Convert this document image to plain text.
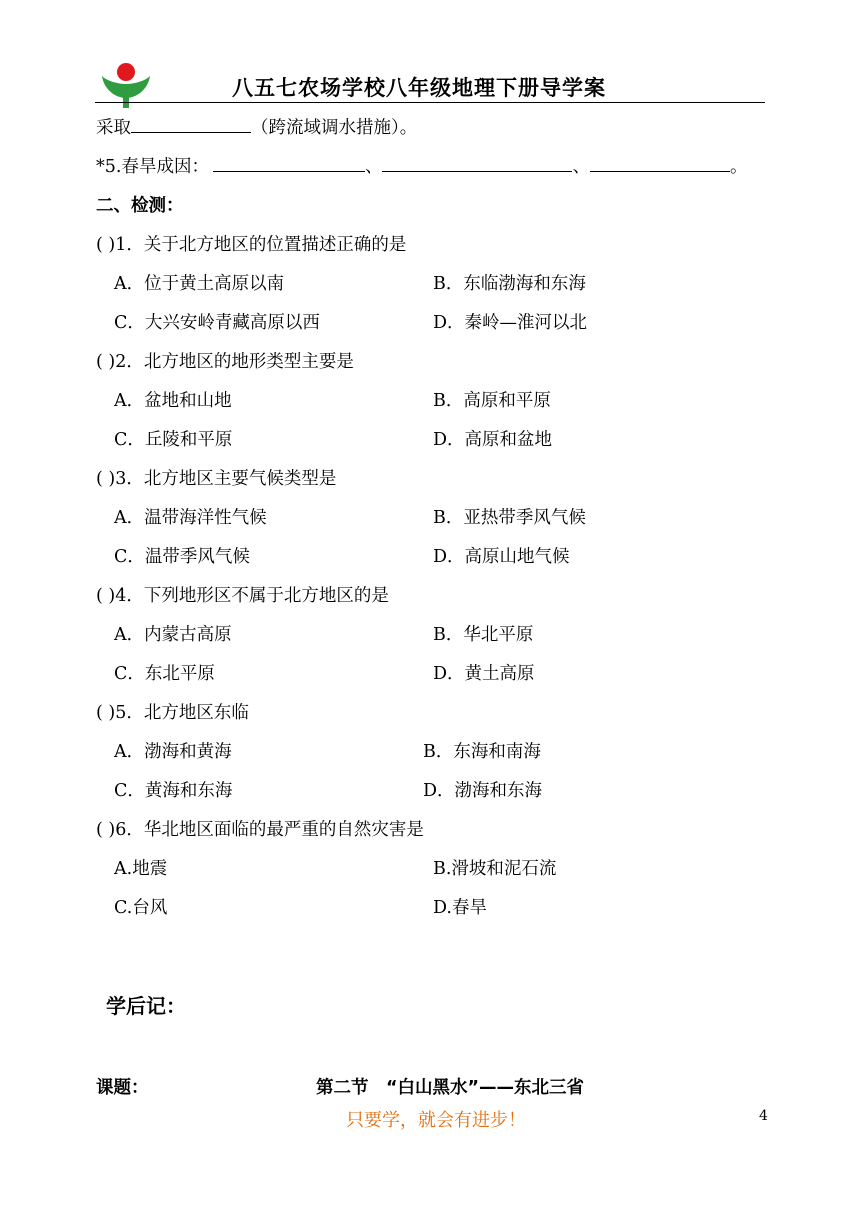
八五七农场学校八年级地理下册导学案
采取	（跨流域调水措施）。
*5.春旱成因：	、	、	。
二、检测：
( )1．关于北方地区的位置描述正确的是
A．位于黄土高原以南	B．东临渤海和东海
C．大兴安岭青藏高原以西	D．秦岭—淮河以北
( )2．北方地区的地形类型主要是
A．盆地和山地	B．高原和平原
C．丘陵和平原	D．高原和盆地
( )3．北方地区主要气候类型是
A．温带海洋性气候	B．亚热带季风气候
C．温带季风气候	D．高原山地气候
( )4．下列地形区不属于北方地区的是
A．内蒙古高原	B．华北平原
C．东北平原	D．黄土高原
( )5．北方地区东临
A．渤海和黄海	B．东海和南海
C．黄海和东海	D．渤海和东海
( )6．华北地区面临的最严重的自然灾害是
A.地震	B.滑坡和泥石流
C.台风	D.春旱
学后记：
课题：	第二节　“白山黑水”——东北三省
只要学，就会有进步！	4
